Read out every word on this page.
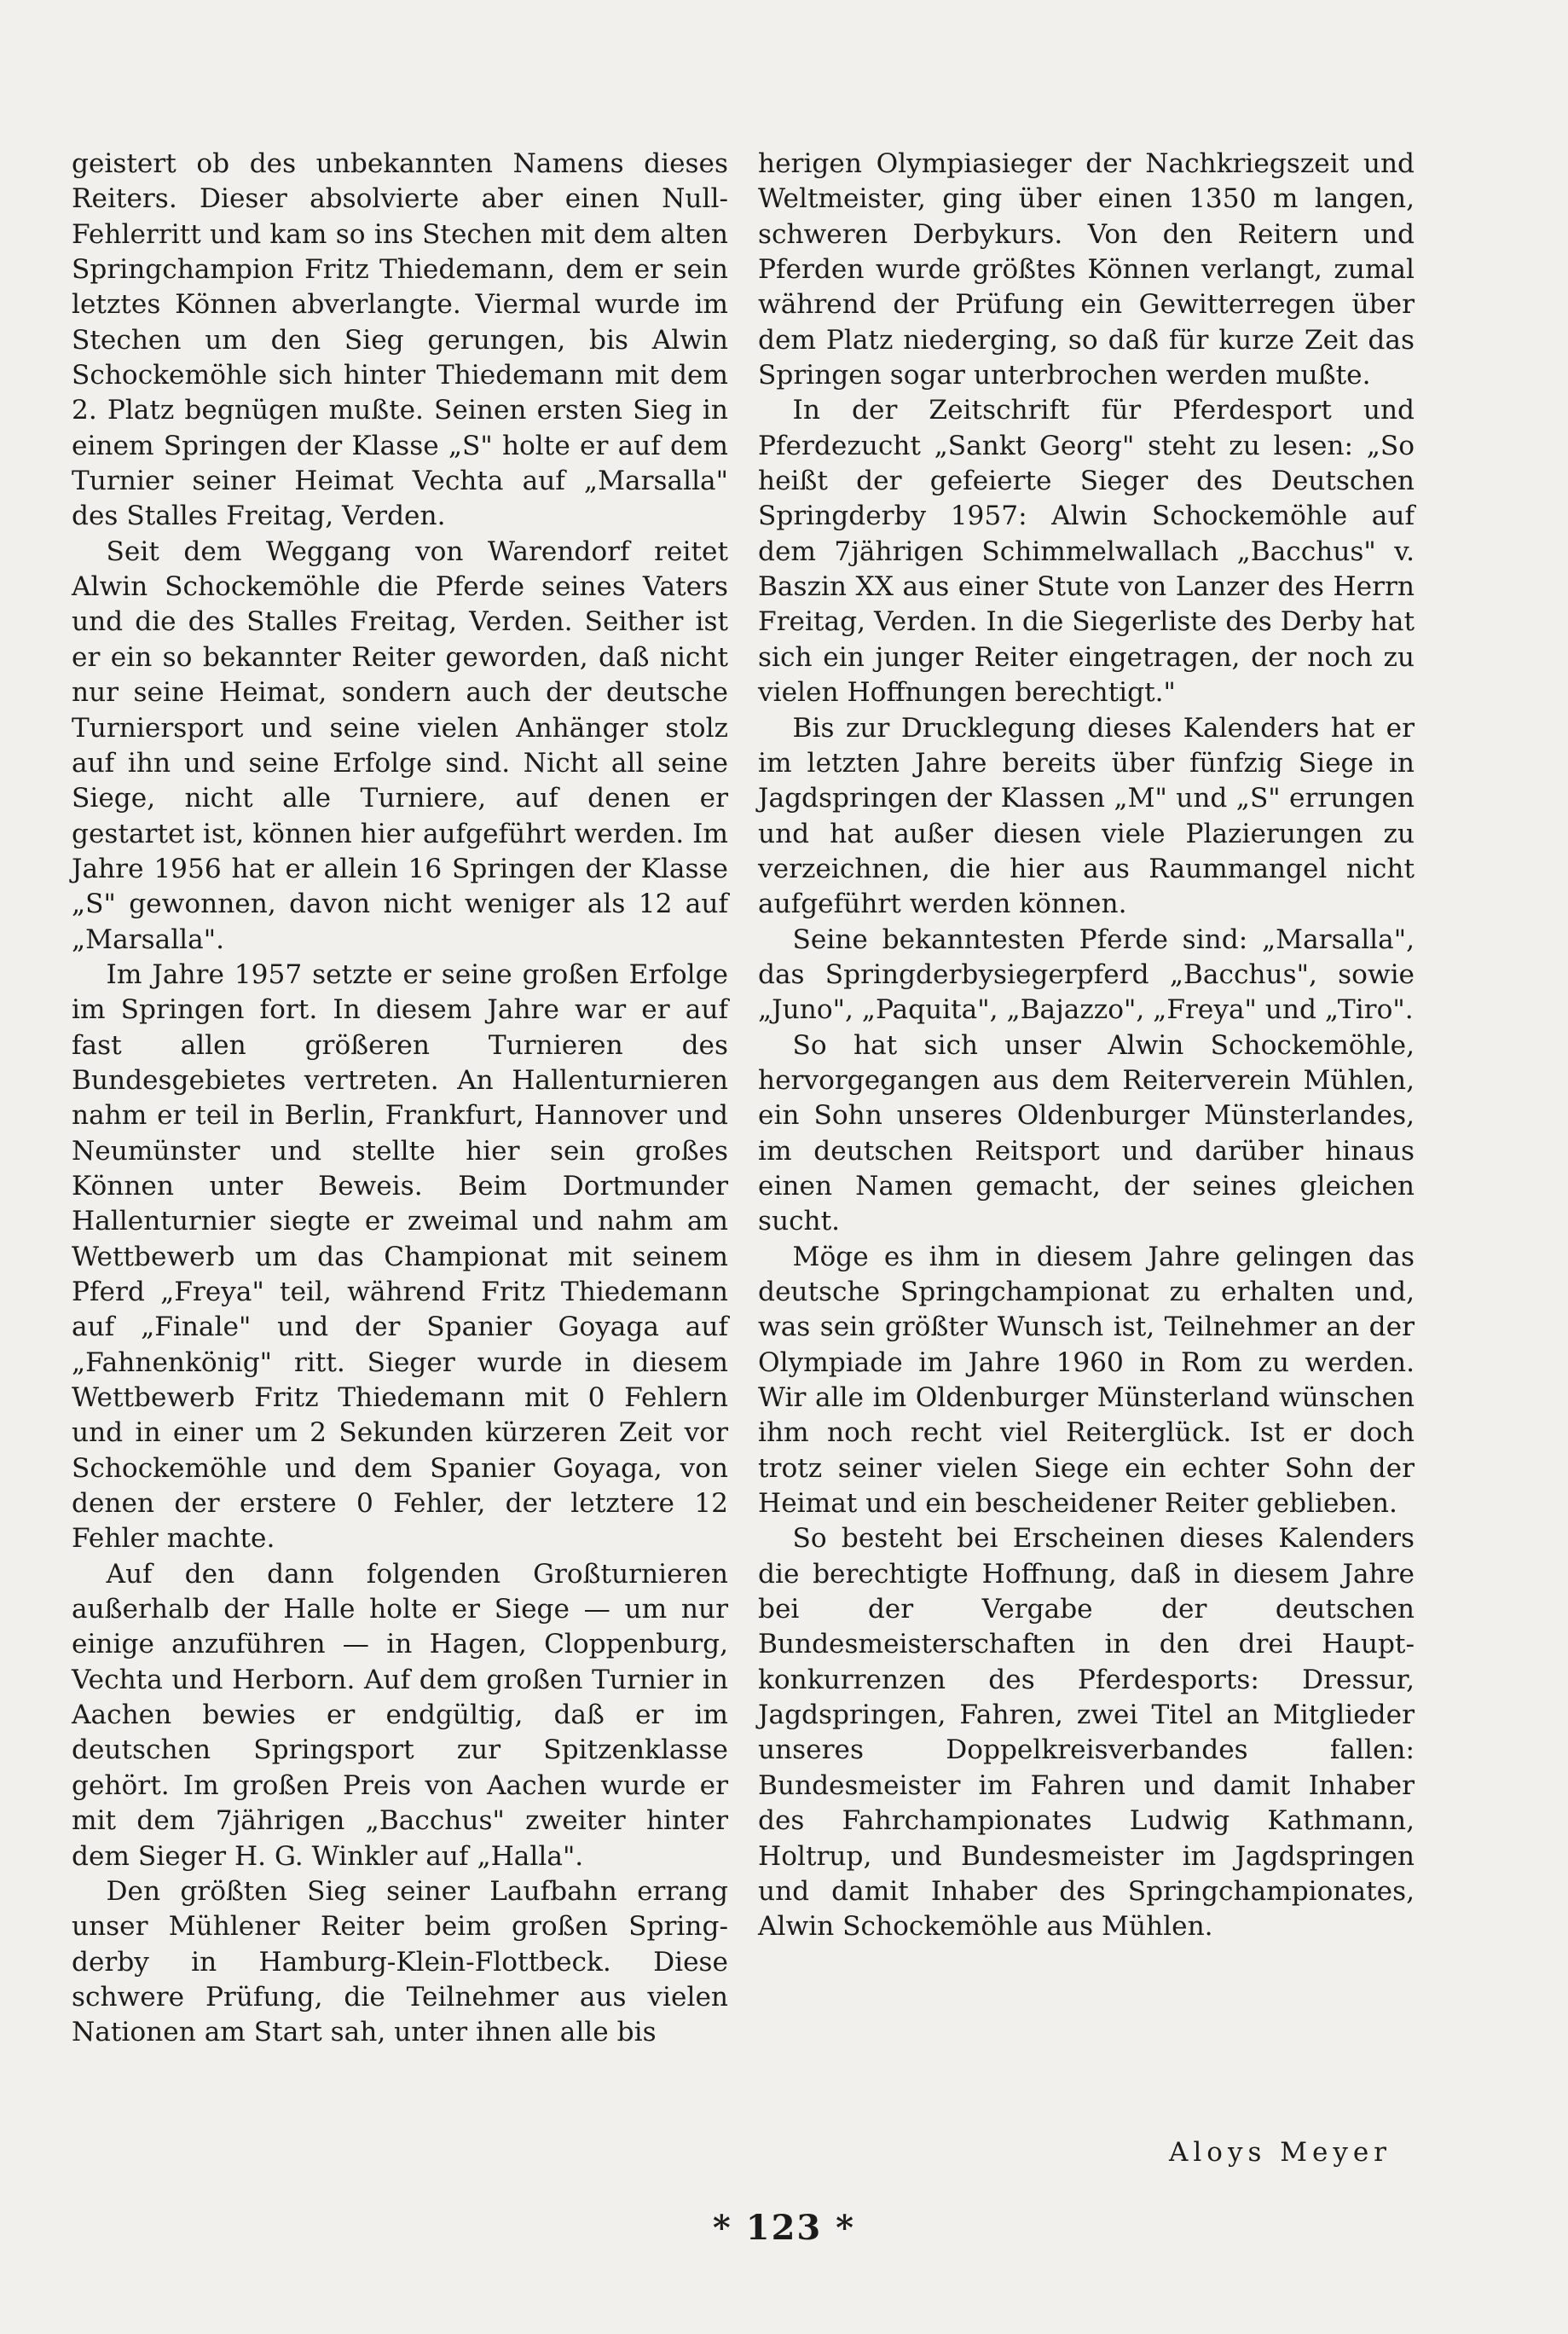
geistert ob des unbekannten Namens dieses Reiters. Dieser absolvierte aber einen NullFehlerritt und kam so ins Stechen mit dem alten Springchampion Fritz Thiedemann, dem er sein letztes Können abverlangte. Viermal wurde im Stechen um den Sieg gerungen, bis Alwin Schockemöhle sich hinter Thiedemann mit dem 2. Platz begnügen mußte. Seinen ersten Sieg in einem Springen der Klasse „S" holte er auf dem Turnier seiner Heimat Vechta auf „Marsalla" des Stalles Freitag, Verden.

Seit dem Weggang von Warendorf reitet Alwin Schockemöhle die Pferde seines Vaters und die des Stalles Freitag, Verden. Seither ist er ein so bekannter Reiter geworden, daß nicht nur seine Heimat, sondern auch der deutsche Turniersport und seine vielen Anhänger stolz auf ihn und seine Erfolge sind. Nicht all seine Siege, nicht alle Turniere, auf denen er gestartet ist, können hier aufgeführt werden. Im Jahre 1956 hat er allein 16 Springen der Klasse „S" gewonnen, davon nicht weniger als 12 auf „Marsalla".

Im Jahre 1957 setzte er seine großen Erfolge im Springen fort. In diesem Jahre war er auf fast allen größeren Turnieren des Bundesgebietes vertreten. An Hallenturnieren nahm er teil in Berlin, Frankfurt, Hannover und Neumünster und stellte hier sein großes Können unter Beweis. Beim Dortmunder Hallenturnier siegte er zweimal und nahm am Wettbewerb um das Championat mit seinem Pferd „Freya" teil, während Fritz Thiedemann auf „Finale" und der Spanier Goyaga auf „Fahnenkönig" ritt. Sieger wurde in diesem Wettbewerb Fritz Thiedemann mit 0 Fehlern und in einer um 2 Sekunden kürzeren Zeit vor Schockemöhle und dem Spanier Goyaga, von denen der erstere 0 Fehler, der letztere 12 Fehler machte.

Auf den dann folgenden Großturnieren außerhalb der Halle holte er Siege — um nur einige anzuführen — in Hagen, Cloppenburg, Vechta und Herborn. Auf dem großen Turnier in Aachen bewies er endgültig, daß er im deutschen Springsport zur Spitzenklasse gehört. Im großen Preis von Aachen wurde er mit dem 7jährigen „Bacchus" zweiter hinter dem Sieger H. G. Winkler auf „Halla".

Den größten Sieg seiner Laufbahn errang unser Mühlener Reiter beim großen Springderby in Hamburg-Klein-Flottbeck. Diese schwere Prüfung, die Teilnehmer aus vielen Nationen am Start sah, unter ihnen alle bis

herigen Olympiasieger der Nachkriegszeit und Weltmeister, ging über einen 1350 m langen, schweren Derbykurs. Von den Reitern und Pferden wurde größtes Können verlangt, zumal während der Prüfung ein Gewitterregen über dem Platz niederging, so daß für kurze Zeit das Springen sogar unterbrochen werden mußte.

In der Zeitschrift für Pferdesport und Pferdezucht „Sankt Georg" steht zu lesen: „So heißt der gefeierte Sieger des Deutschen Springderby 1957: Alwin Schockemöhle auf dem 7jährigen Schimmelwallach „Bacchus" v. Baszin XX aus einer Stute von Lanzer des Herrn Freitag, Verden. In die Siegerliste des Derby hat sich ein junger Reiter eingetragen, der noch zu vielen Hoffnungen berechtigt."

Bis zur Drucklegung dieses Kalenders hat er im letzten Jahre bereits über fünfzig Siege in Jagdspringen der Klassen „M" und „S" errungen und hat außer diesen viele Plazierungen zu verzeichnen, die hier aus Raummangel nicht aufgeführt werden können.

Seine bekanntesten Pferde sind: „Marsalla", das Springderbysiegerpferd „Bacchus", sowie „Juno", „Paquita", „Bajazzo", „Freya" und „Tiro".

So hat sich unser Alwin Schockemöhle, hervorgegangen aus dem Reiterverein Mühlen, ein Sohn unseres Oldenburger Münsterlandes, im deutschen Reitsport und darüber hinaus einen Namen gemacht, der seines gleichen sucht.

Möge es ihm in diesem Jahre gelingen das deutsche Springchampionat zu erhalten und, was sein größter Wunsch ist, Teilnehmer an der Olympiade im Jahre 1960 in Rom zu werden. Wir alle im Oldenburger Münsterland wünschen ihm noch recht viel Reiterglück. Ist er doch trotz seiner vielen Siege ein echter Sohn der Heimat und ein bescheidener Reiter geblieben.

So besteht bei Erscheinen dieses Kalenders die berechtigte Hoffnung, daß in diesem Jahre bei der Vergabe der deutschen Bundesmeisterschaften in den drei Hauptkonkurrenzen des Pferdesports: Dressur, Jagdspringen, Fahren, zwei Titel an Mitglieder unseres Doppelkreisverbandes fallen: Bundesmeister im Fahren und damit Inhaber des Fahrchampionates Ludwig Kathmann, Holtrup, und Bundesmeister im Jagdspringen und damit Inhaber des Springchampionates, Alwin Schockemöhle aus Mühlen.

Aloys Meyer
* 123 *
